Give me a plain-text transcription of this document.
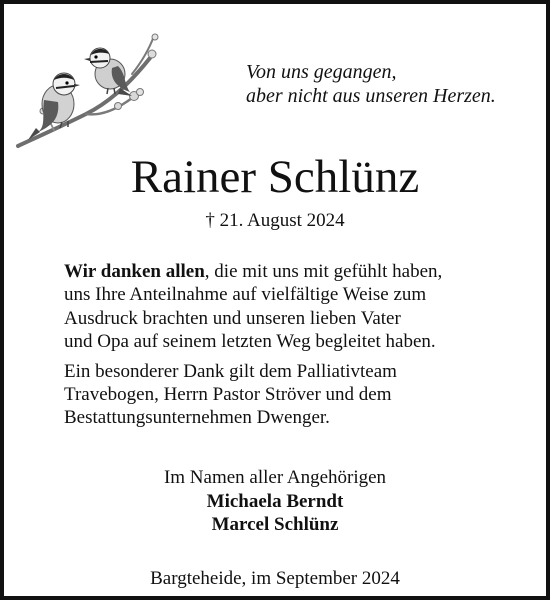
Von uns gegangen,
aber nicht aus unseren Herzen.
Rainer Schlünz
† 21. August 2024
Wir danken allen, die mit uns mit gefühlt haben,
uns Ihre Anteilnahme auf vielfältige Weise zum
Ausdruck brachten und unseren lieben Vater
und Opa auf seinem letzten Weg begleitet haben.
Ein besonderer Dank gilt dem Palliativteam
Travebogen, Herrn Pastor Ströver und dem
Bestattungsunternehmen Dwenger.
Im Namen aller Angehörigen
Michaela Berndt
Marcel Schlünz
Bargteheide, im September 2024
